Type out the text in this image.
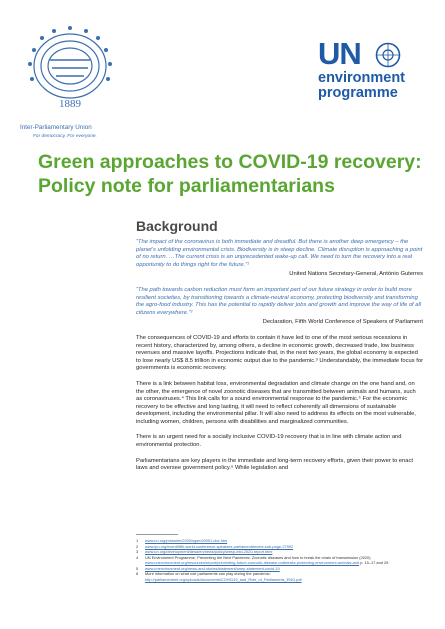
1889
Inter-Parliamentary Union
For democracy. For everyone.
UN
environment
programme
Green approaches to COVID-19 recovery:
Policy note for parliamentarians
Background

“The impact of the coronavirus is both immediate and dreadful. But there is another deep emergency – the planet’s unfolding environmental crisis. Biodiversity is in steep decline. Climate disruption is approaching a point of no return. …The current crisis is an unprecedented wake-up call. We need to turn the recovery into a real opportunity to do things right for the future.”¹

United Nations Secretary-General, António Guterres

“The path towards carbon reduction must form an important part of our future strategy in order to build more resilient societies, by transitioning towards a climate-neutral economy, protecting biodiversity and transforming the agro-food industry. This has the potential to rapidly deliver jobs and growth and improve the way of life of all citizens everywhere.”²

Declaration, Fifth World Conference of Speakers of Parliament

The consequences of COVID-19 and efforts to contain it have led to one of the most serious recessions in recent history, characterized by, among others, a decline in economic growth, decreased trade, low business revenues and massive layoffs. Projections indicate that, in the next two years, the global economy is expected to lose nearly US$ 8.5 trillion in economic output due to the pandemic.³ Understandably, the immediate focus for governments is economic recovery.

There is a link between habitat loss, environmental degradation and climate change on the one hand and, on the other, the emergence of novel zoonotic diseases that are transmitted between animals and humans, such as coronaviruses.⁴ This link calls for a sound environmental response to the pandemic.⁵ For the economic recovery to be effective and long lasting, it will need to reflect coherently all dimensions of sustainable development, including the environmental pillar. It will also need to address its effects on the most vulnerable, including women, children, persons with disabilities and marginalized communities.

There is an urgent need for a socially inclusive COVID-19 recovery that is in line with climate action and environmental protection.

Parliamentarians are key players in the immediate and long-term recovery efforts, given their power to enact laws and oversee government policy.⁶ While legislation and

1	www.un.org/press/en/2020/sgsm20051.doc.htm
2	www.ipu.org/event/fifth-world-conference-speakers-parliament#event-sub-page-27992
3	www.un.org/development/desa/en/news/policy/wesp-mid-2020-report.html
4	UN Environment Programme, Preventing the Next Pandemic: Zoonotic diseases and how to break the chain of transmission (2020)
www.unenvironment.org/resources/report/preventing-future-zoonotic-disease-outbreaks-protecting-environment-animals-and p. 15–17 and 29.
5	www.unenvironment.org/news-and-stories/statement/unep-statement-covid-19
6	More information on what role parliaments can play during the pandemic: http://parliamentnet.org/uploads/documents/COVID19_and_Role_of_Parliaments_ENG.pdf
